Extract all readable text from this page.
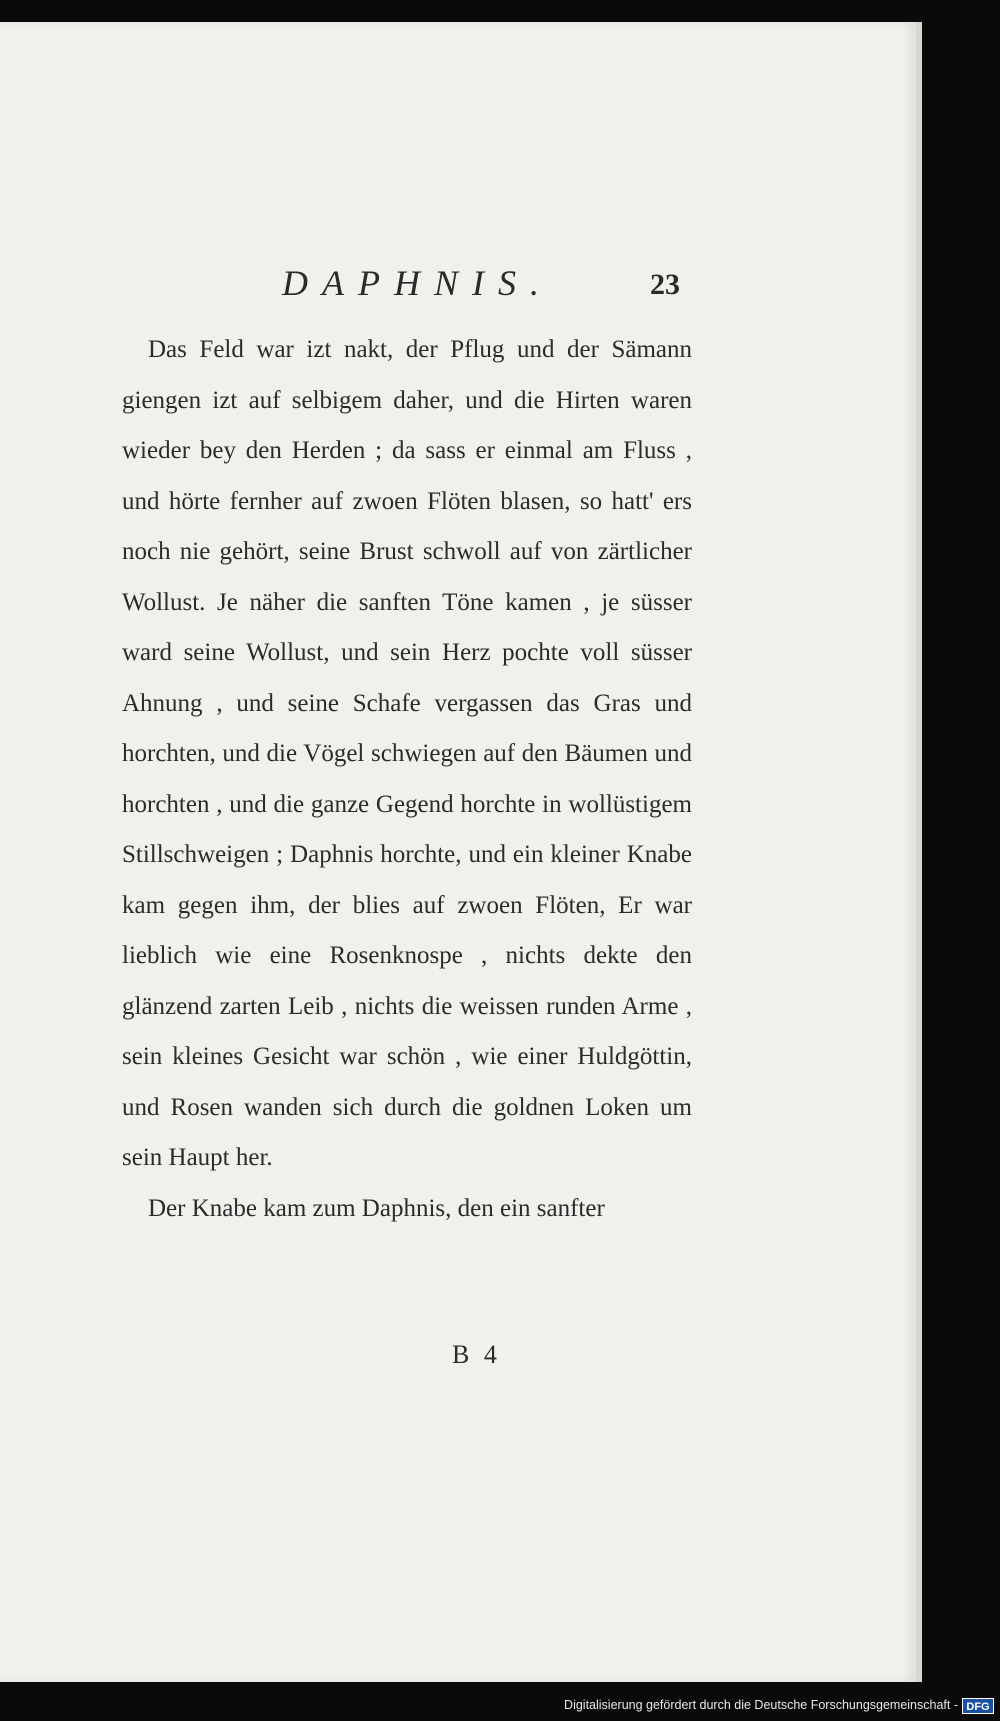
DAPHNIS.	23

Das Feld war izt nakt, der Pflug und der Sämann giengen izt auf selbigem daher, und die Hirten waren wieder bey den Herden ; da sass er einmal am Fluss , und hörte fernher auf zwoen Flöten blasen, so hatt' ers noch nie gehört, seine Brust schwoll auf von zärtlicher Wollust. Je näher die sanften Töne kamen , je süsser ward seine Wollust, und sein Herz pochte voll süsser Ahnung , und seine Schafe vergassen das Gras und horchten, und die Vögel schwiegen auf den Bäumen und horchten , und die ganze Gegend horchte in wollüstigem Stillschweigen ; Daphnis horchte, und ein kleiner Knabe kam gegen ihm, der blies auf zwoen Flöten, Er war lieblich wie eine Rosenknospe , nichts dekte den glänzend zarten Leib , nichts die weissen runden Arme , sein kleines Gesicht war schön , wie einer Huldgöttin, und Rosen wanden sich durch die goldnen Loken um sein Haupt her.

Der Knabe kam zum Daphnis, den ein sanfter

B 4
Digitalisierung gefördert durch die Deutsche Forschungsgemeinschaft - DFG
